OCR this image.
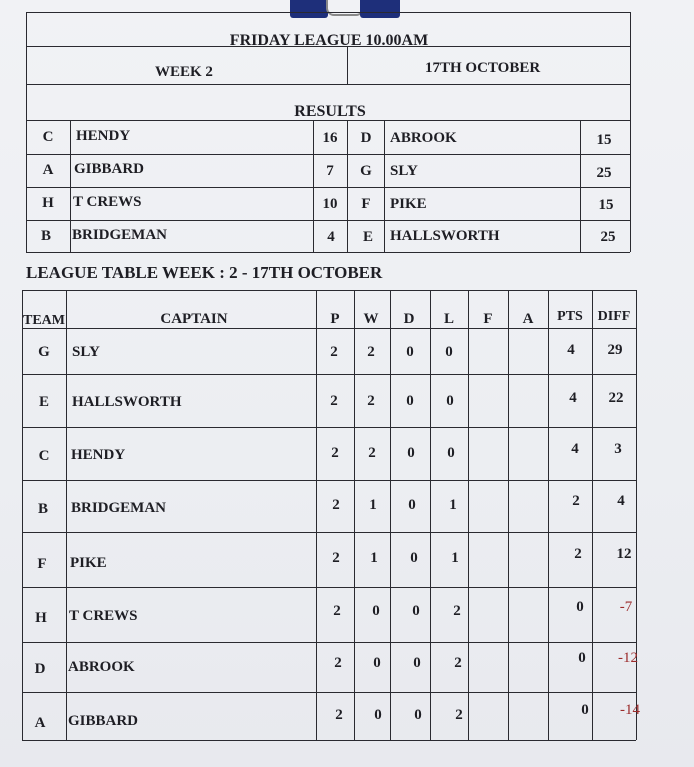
FRIDAY LEAGUE 10.00AM
WEEK 2	17TH OCTOBER
RESULTS
C HENDY	16 D ABROOK	15
A GIBBARD	7 G SLY	25
H T CREWS	10 F PIKE	15
B BRIDGEMAN	4 E HALLSWORTH	25
LEAGUE TABLE WEEK : 2 - 17TH OCTOBER
TEAM	CAPTAIN	P W D L F A PTS DIFF
G SLY	2 2 0 0	4 29
E HALLSWORTH	2 2 0 0	4 22
C HENDY	2 2 0 0	4 3
B BRIDGEMAN	2 1 0 1	2	4
F PIKE	2 1 0 1	2 12
H T CREWS	2 0 0 2	0 -7
D ABROOK	2 0 0 2	0 -12
A GIBBARD	2 0 0 2	0 -14
